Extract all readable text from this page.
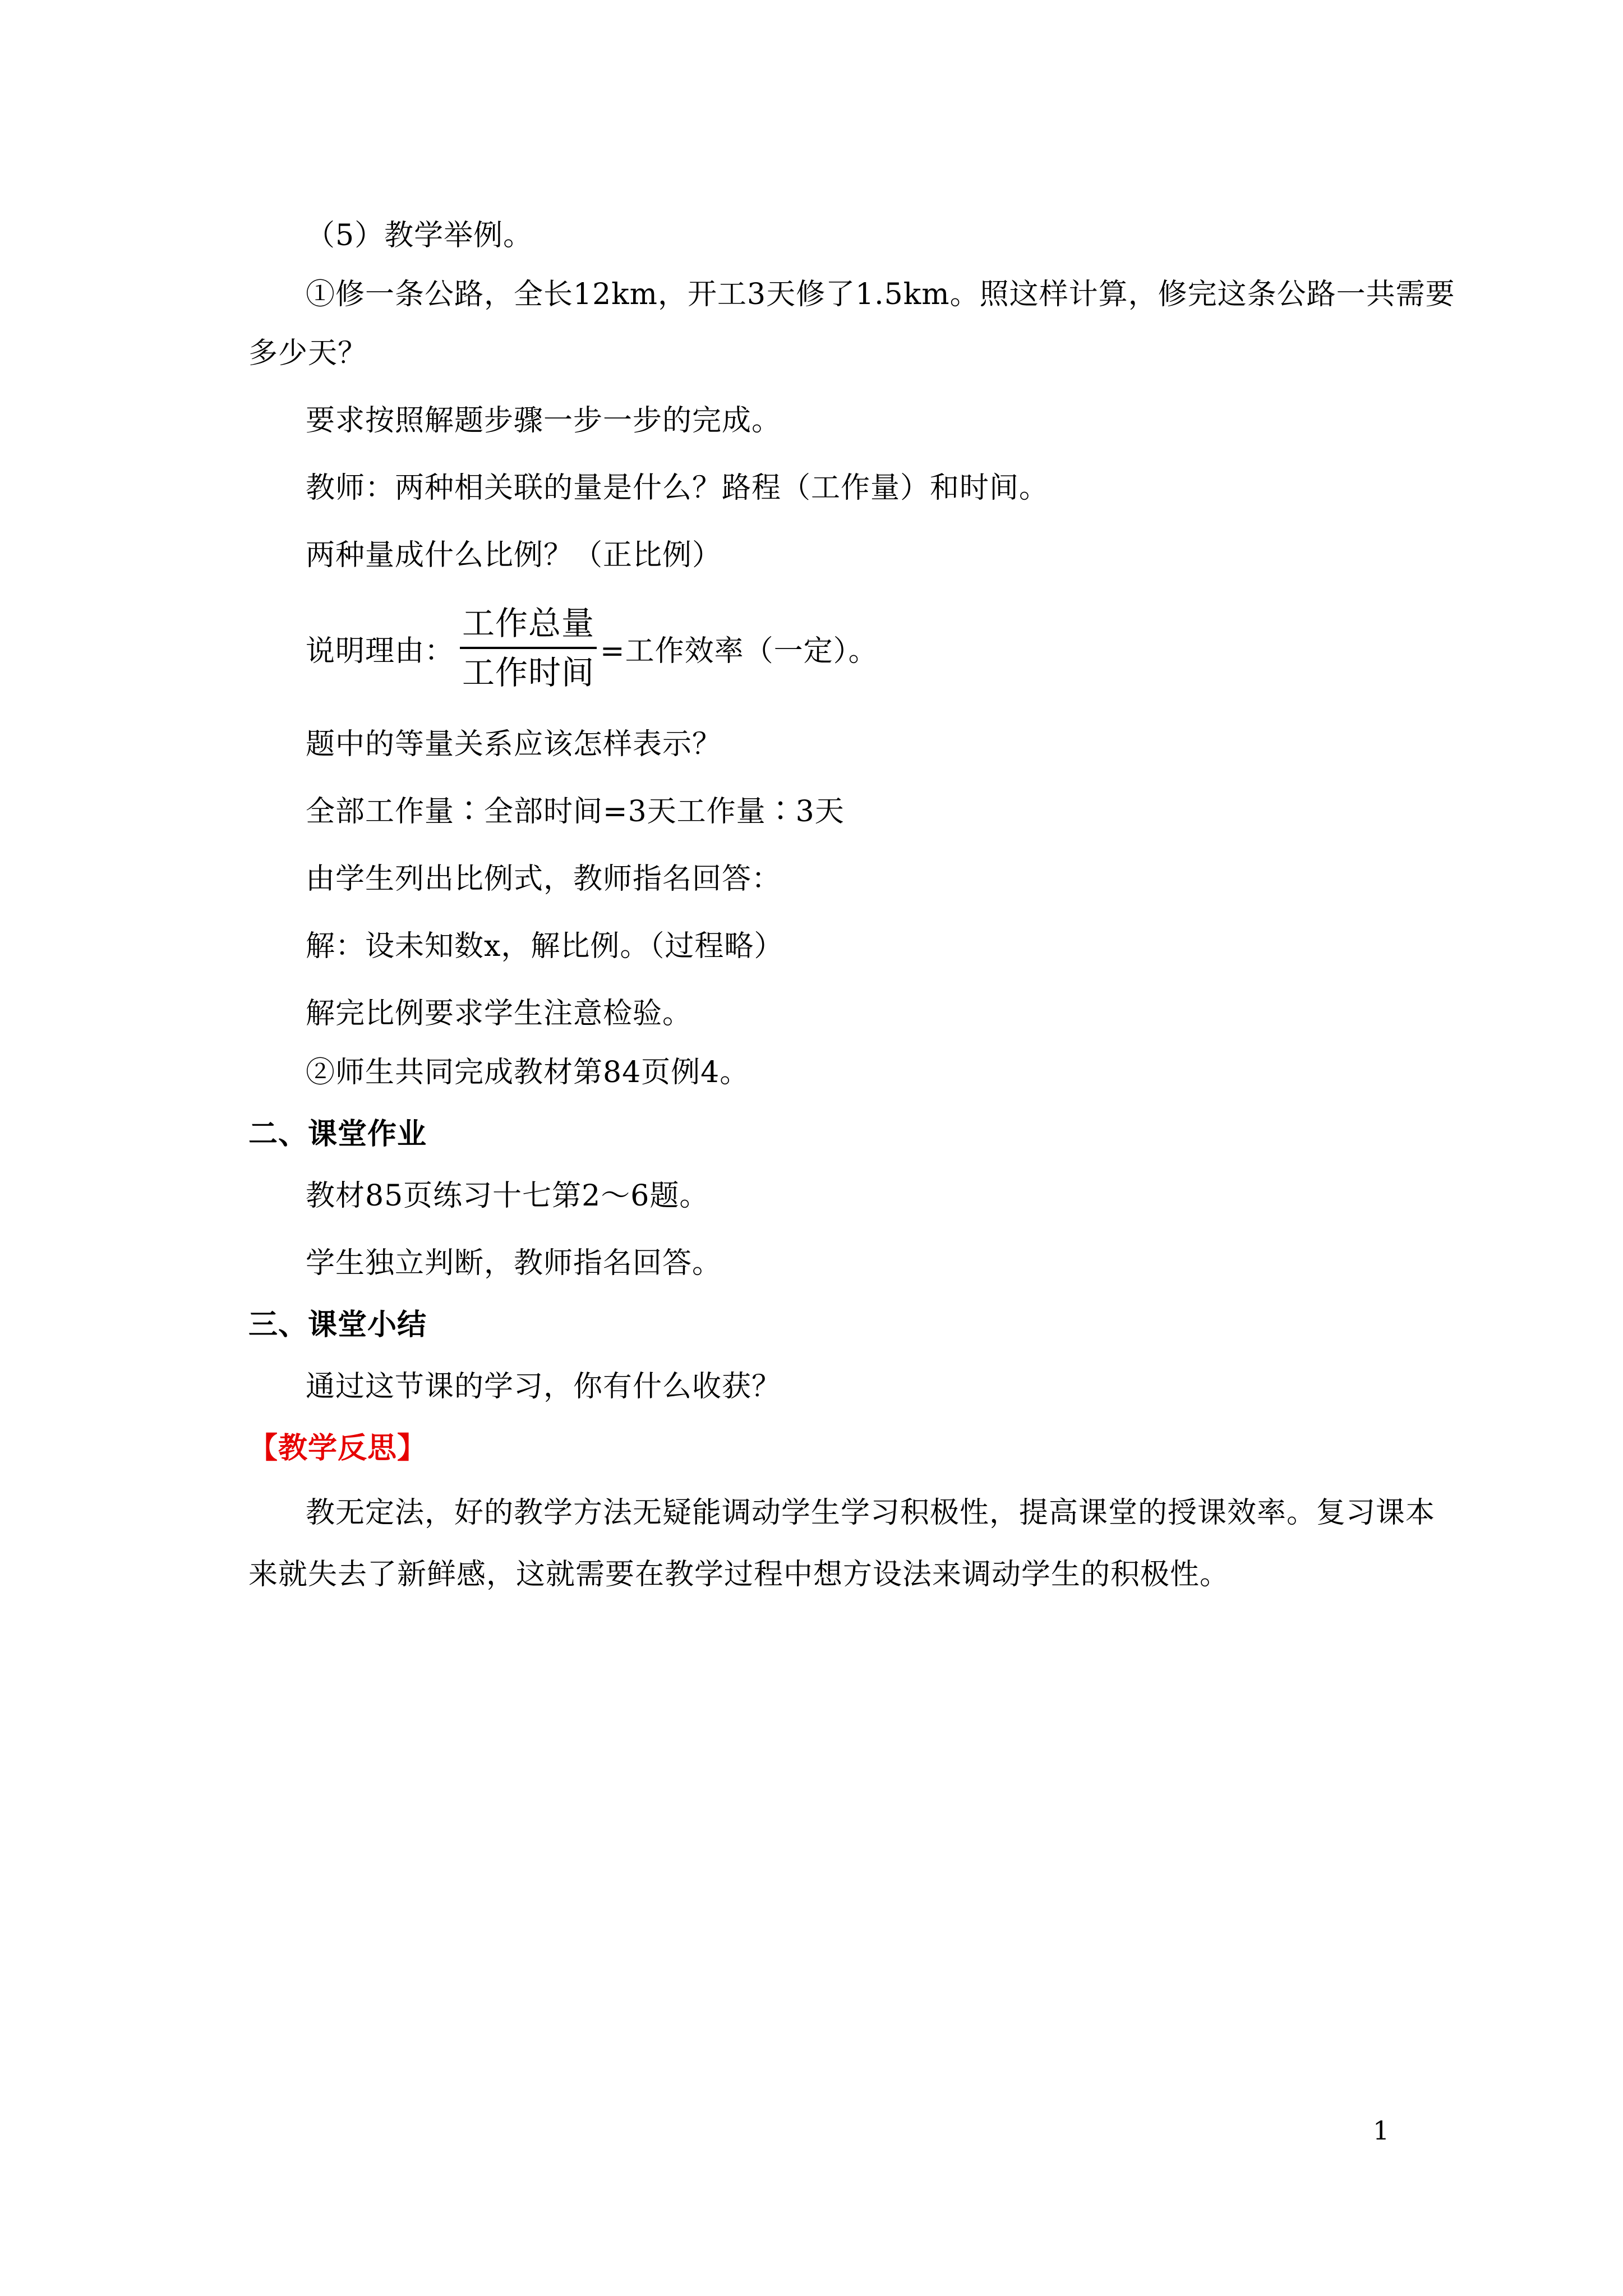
（5）教学举例。
①修一条公路，全长12km，开工3天修了1.5km。照这样计算，修完这条公路一共需要
多少天？
要求按照解题步骤一步一步的完成。
教师：两种相关联的量是什么？路程（工作量）和时间。
两种量成什么比例？（正比例）
说明理由： $\frac{\text{工作总量}}{\text{工作时间}}$ =工作效率（一定）。
题中的等量关系应该怎样表示？
全部工作量∶全部时间=3天工作量∶3天
由学生列出比例式，教师指名回答：
解：设未知数x，解比例。（过程略）
解完比例要求学生注意检验。
②师生共同完成教材第84页例4。
二、课堂作业
教材85页练习十七第2～6题。
学生独立判断，教师指名回答。
三、课堂小结
通过这节课的学习，你有什么收获？
【教学反思】
教无定法，好的教学方法无疑能调动学生学习积极性，提高课堂的授课效率。复习课本
来就失去了新鲜感，这就需要在教学过程中想方设法来调动学生的积极性。
1
